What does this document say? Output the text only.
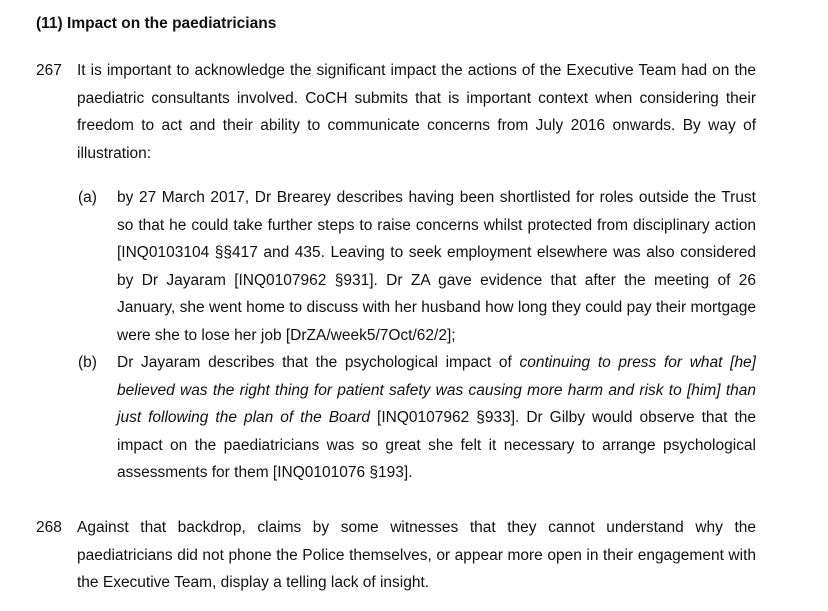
(11) Impact on the paediatricians
267 It is important to acknowledge the significant impact the actions of the Executive Team had on the paediatric consultants involved. CoCH submits that is important context when considering their freedom to act and their ability to communicate concerns from July 2016 onwards. By way of illustration:
(a) by 27 March 2017, Dr Brearey describes having been shortlisted for roles outside the Trust so that he could take further steps to raise concerns whilst protected from disciplinary action [INQ0103104 §§417 and 435. Leaving to seek employment elsewhere was also considered by Dr Jayaram [INQ0107962 §931]. Dr ZA gave evidence that after the meeting of 26 January, she went home to discuss with her husband how long they could pay their mortgage were she to lose her job [DrZA/week5/7Oct/62/2];
(b) Dr Jayaram describes that the psychological impact of continuing to press for what [he] believed was the right thing for patient safety was causing more harm and risk to [him] than just following the plan of the Board [INQ0107962 §933]. Dr Gilby would observe that the impact on the paediatricians was so great she felt it necessary to arrange psychological assessments for them [INQ0101076 §193].
268 Against that backdrop, claims by some witnesses that they cannot understand why the paediatricians did not phone the Police themselves, or appear more open in their engagement with the Executive Team, display a telling lack of insight.
